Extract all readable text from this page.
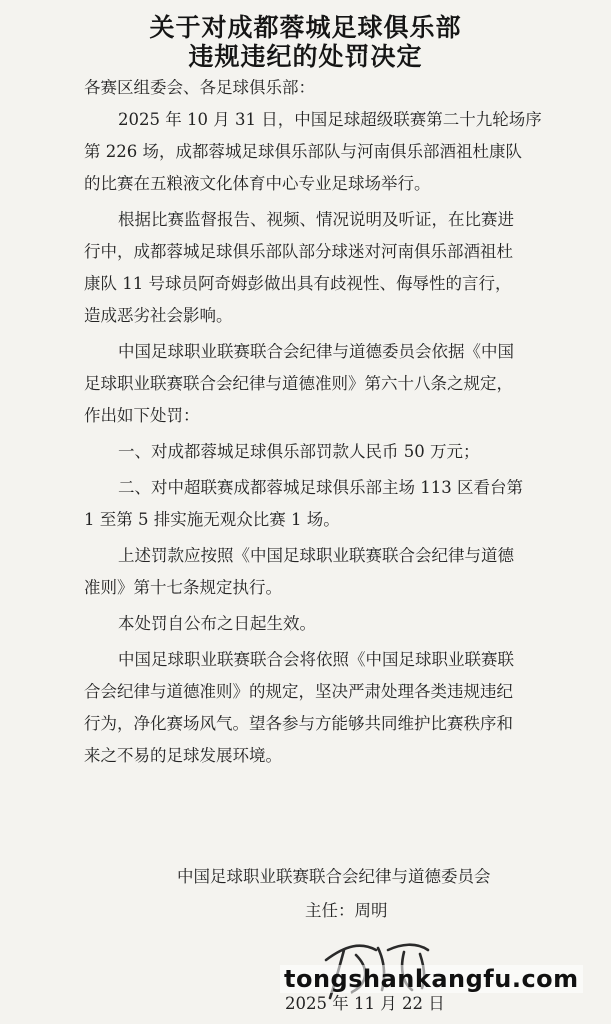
关于对成都蓉城足球俱乐部
违规违纪的处罚决定
各赛区组委会、各足球俱乐部：
2025 年 10 月 31 日，中国足球超级联赛第二十九轮场序
第 226 场，成都蓉城足球俱乐部队与河南俱乐部酒祖杜康队
的比赛在五粮液文化体育中心专业足球场举行。
根据比赛监督报告、视频、情况说明及听证，在比赛进
行中，成都蓉城足球俱乐部队部分球迷对河南俱乐部酒祖杜
康队 11 号球员阿奇姆彭做出具有歧视性、侮辱性的言行，
造成恶劣社会影响。
中国足球职业联赛联合会纪律与道德委员会依据《中国
足球职业联赛联合会纪律与道德准则》第六十八条之规定，
作出如下处罚：
一、对成都蓉城足球俱乐部罚款人民币 50 万元；
二、对中超联赛成都蓉城足球俱乐部主场 113 区看台第
1 至第 5 排实施无观众比赛 1 场。
上述罚款应按照《中国足球职业联赛联合会纪律与道德
准则》第十七条规定执行。
本处罚自公布之日起生效。
中国足球职业联赛联合会将依照《中国足球职业联赛联
合会纪律与道德准则》的规定，坚决严肃处理各类违规违纪
行为，净化赛场风气。望各参与方能够共同维护比赛秩序和
来之不易的足球发展环境。
中国足球职业联赛联合会纪律与道德委员会
主任：周明
2025 年 11 月 22 日
tongshankangfu.com
